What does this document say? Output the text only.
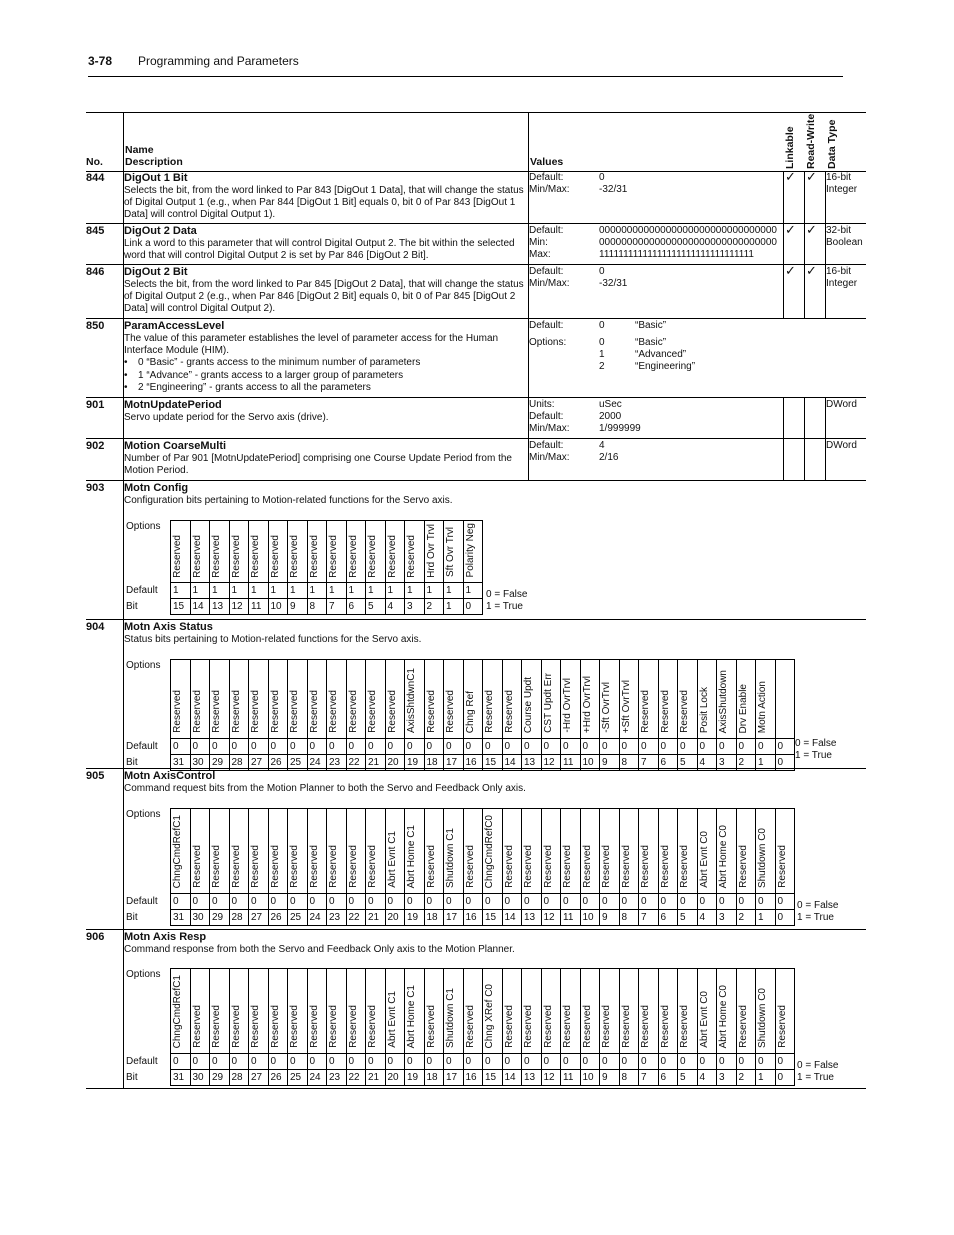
3-78 Programming and Parameters
No.
Name
Description	Values	Linkable Read-Write Data Type
844 DigOut 1 Bit
Selects the bit, from the word linked to Par 843 [DigOut 1 Data], that will change the status of Digital Output 1 (e.g., when Par 844 [DigOut 1 Bit] equals 0, bit 0 of Par 843 [DigOut 1 Data] will control Digital Output 1).
Default:	0
Min/Max:	-32/31
✓ ✓ 16-bit
Integer
845 DigOut 2 Data
Link a word to this parameter that will control Digital Output 2. The bit within the selected word that will control Digital Output 2 is set by Par 846 [DigOut 2 Bit].
Default:	00000000000000000000000000000000
Min:	00000000000000000000000000000000
Max:	11111111111111111111111111111111
✓ ✓ 32-bit
Boolean
846 DigOut 2 Bit
Selects the bit, from the word linked to Par 845 [DigOut 2 Data], that will change the status of Digital Output 2 (e.g., when Par 846 [DigOut 2 Bit] equals 0, bit 0 of Par 845 [DigOut 2 Data] will control Digital Output 2).
Default:	0
Min/Max:	-32/31
✓ ✓ 16-bit
Integer
850 ParamAccessLevel
The value of this parameter establishes the level of parameter access for the Human Interface Module (HIM).
• 0 “Basic” - grants access to the minimum number of parameters
• 1 “Advance” - grants access to a larger group of parameters
• 2 “Engineering” - grants access to all the parameters
Default:	0	“Basic”
Options:	0	“Basic”
1	“Advanced”
2	“Engineering”
901 MotnUpdatePeriod
Servo update period for the Servo axis (drive).
Units:	uSec
Default:	2000
Min/Max:	1/999999
DWord
902 Motion CoarseMulti
Number of Par 901 [MotnUpdatePeriod] comprising one Course Update Period from the Motion Period.
Default:	4
Min/Max:	2/16
DWord
903 Motn Config
Configuration bits pertaining to Motion-related functions for the Servo axis.
Options	Reserved	Reserved	Reserved	Reserved	Reserved	Reserved	Reserved	Reserved	Reserved	Reserved	Reserved	Reserved	Reserved	Hrd Ovr Trvl	Sft Ovr Trvl	Polarity Neg
Default	1	1	1	1	1	1	1	1	1	1	1	1	1	1	1	1
Bit	15	14	13	12	11	10	9	8	7	6	5	4	3	2	1	0
0 = False
1 = True
904 Motn Axis Status
Status bits pertaining to Motion-related functions for the Servo axis.
Options	Reserved	Reserved	Reserved	Reserved	Reserved	Reserved	Reserved	Reserved	Reserved	Reserved	Reserved	Reserved	AxisShtdwnC1	Reserved	Reserved	Chng Ref	Reserved	Reserved	Course Updt	CST Updt Err	-Hrd OvrTrvl	+Hrd OvrTrvl	-Sft OvrTrvl	+Sft OvrTrvl	Reserved	Reserved	Reserved	Posit Lock	AxisShutdown	Drv Enable	Motn Action	
Default	0	0	0	0	0	0	0	0	0	0	0	0	0	0	0	0	0	0	0	0	0	0	0	0	0	0	0	0	0	0	0	0
Bit	31	30	29	28	27	26	25	24	23	22	21	20	19	18	17	16	15	14	13	12	11	10	9	8	7	6	5	4	3	2	1	0
0 = False
1 = True
905 Motn AxisControl
Command request bits from the Motion Planner to both the Servo and Feedback Only axis.
Options	ChngCmdRefC1	Reserved	Reserved	Reserved	Reserved	Reserved	Reserved	Reserved	Reserved	Reserved	Reserved	Abrt Evnt C1	Abrt Home C1	Reserved	Shutdown C1	Reserved	ChngCmdRefC0	Reserved	Reserved	Reserved	Reserved	Reserved	Reserved	Reserved	Reserved	Reserved	Reserved	Abrt Evnt C0	Abrt Home C0	Reserved	Shutdown C0	Reserved
Default	0	0	0	0	0	0	0	0	0	0	0	0	0	0	0	0	0	0	0	0	0	0	0	0	0	0	0	0	0	0	0	0
Bit	31	30	29	28	27	26	25	24	23	22	21	20	19	18	17	16	15	14	13	12	11	10	9	8	7	6	5	4	3	2	1	0
0 = False
1 = True
906 Motn Axis Resp
Command response from both the Servo and Feedback Only axis to the Motion Planner.
Options	ChngCmdRefC1	Reserved	Reserved	Reserved	Reserved	Reserved	Reserved	Reserved	Reserved	Reserved	Reserved	Abrt Evnt C1	Abrt Home C1	Reserved	Shutdown C1	Reserved	Chng XRef C0	Reserved	Reserved	Reserved	Reserved	Reserved	Reserved	Reserved	Reserved	Reserved	Reserved	Abrt Evnt C0	Abrt Home C0	Reserved	Shutdown C0	Reserved
Default	0	0	0	0	0	0	0	0	0	0	0	0	0	0	0	0	0	0	0	0	0	0	0	0	0	0	0	0	0	0	0	0
Bit	31	30	29	28	27	26	25	24	23	22	21	20	19	18	17	16	15	14	13	12	11	10	9	8	7	6	5	4	3	2	1	0
0 = False
1 = True
